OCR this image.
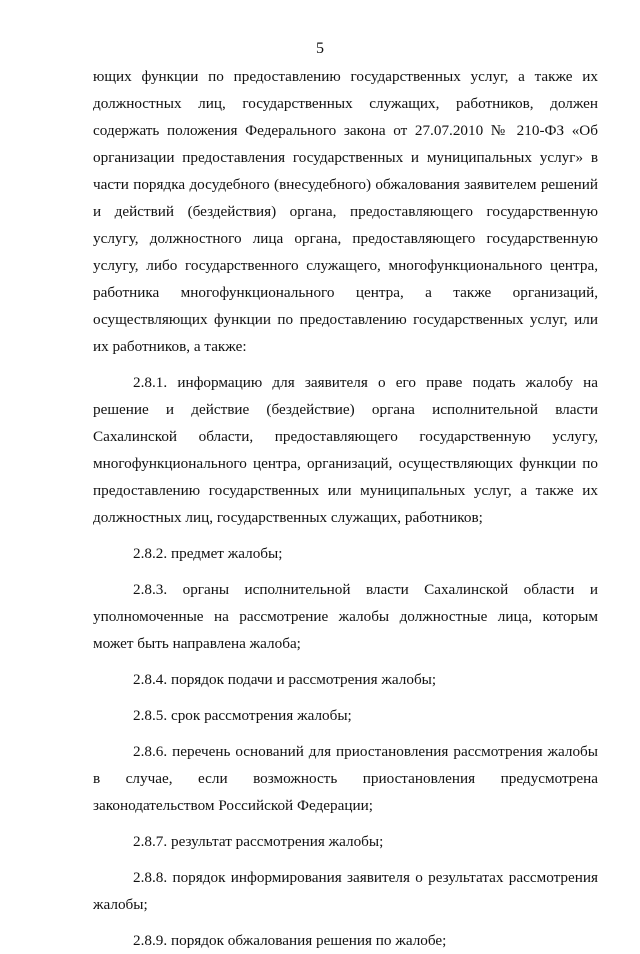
5

ющих функции по предоставлению государственных услуг, а также их должностных лиц, государственных служащих, работников, должен содержать положения Федерального закона от 27.07.2010 № 210-ФЗ «Об организации предоставления государственных и муниципальных услуг» в части порядка досудебного (внесудебного) обжалования заявителем решений и действий (бездействия) органа, предоставляющего государственную услугу, должностного лица органа, предоставляющего государственную услугу, либо государственного служащего, многофункционального центра, работника многофункционального центра, а также организаций, осуществляющих функции по предоставлению государственных услуг, или их работников, а также:

2.8.1. информацию для заявителя о его праве подать жалобу на решение и действие (бездействие) органа исполнительной власти Сахалинской области, предоставляющего государственную услугу, многофункционального центра, организаций, осуществляющих функции по предоставлению государственных или муниципальных услуг, а также их должностных лиц, государственных служащих, работников;

2.8.2. предмет жалобы;

2.8.3. органы исполнительной власти Сахалинской области и уполномоченные на рассмотрение жалобы должностные лица, которым может быть направлена жалоба;

2.8.4. порядок подачи и рассмотрения жалобы;

2.8.5. срок рассмотрения жалобы;

2.8.6. перечень оснований для приостановления рассмотрения жалобы в случае, если возможность приостановления предусмотрена законодательством Российской Федерации;

2.8.7. результат рассмотрения жалобы;

2.8.8. порядок информирования заявителя о результатах рассмотрения жалобы;

2.8.9. порядок обжалования решения по жалобе;
